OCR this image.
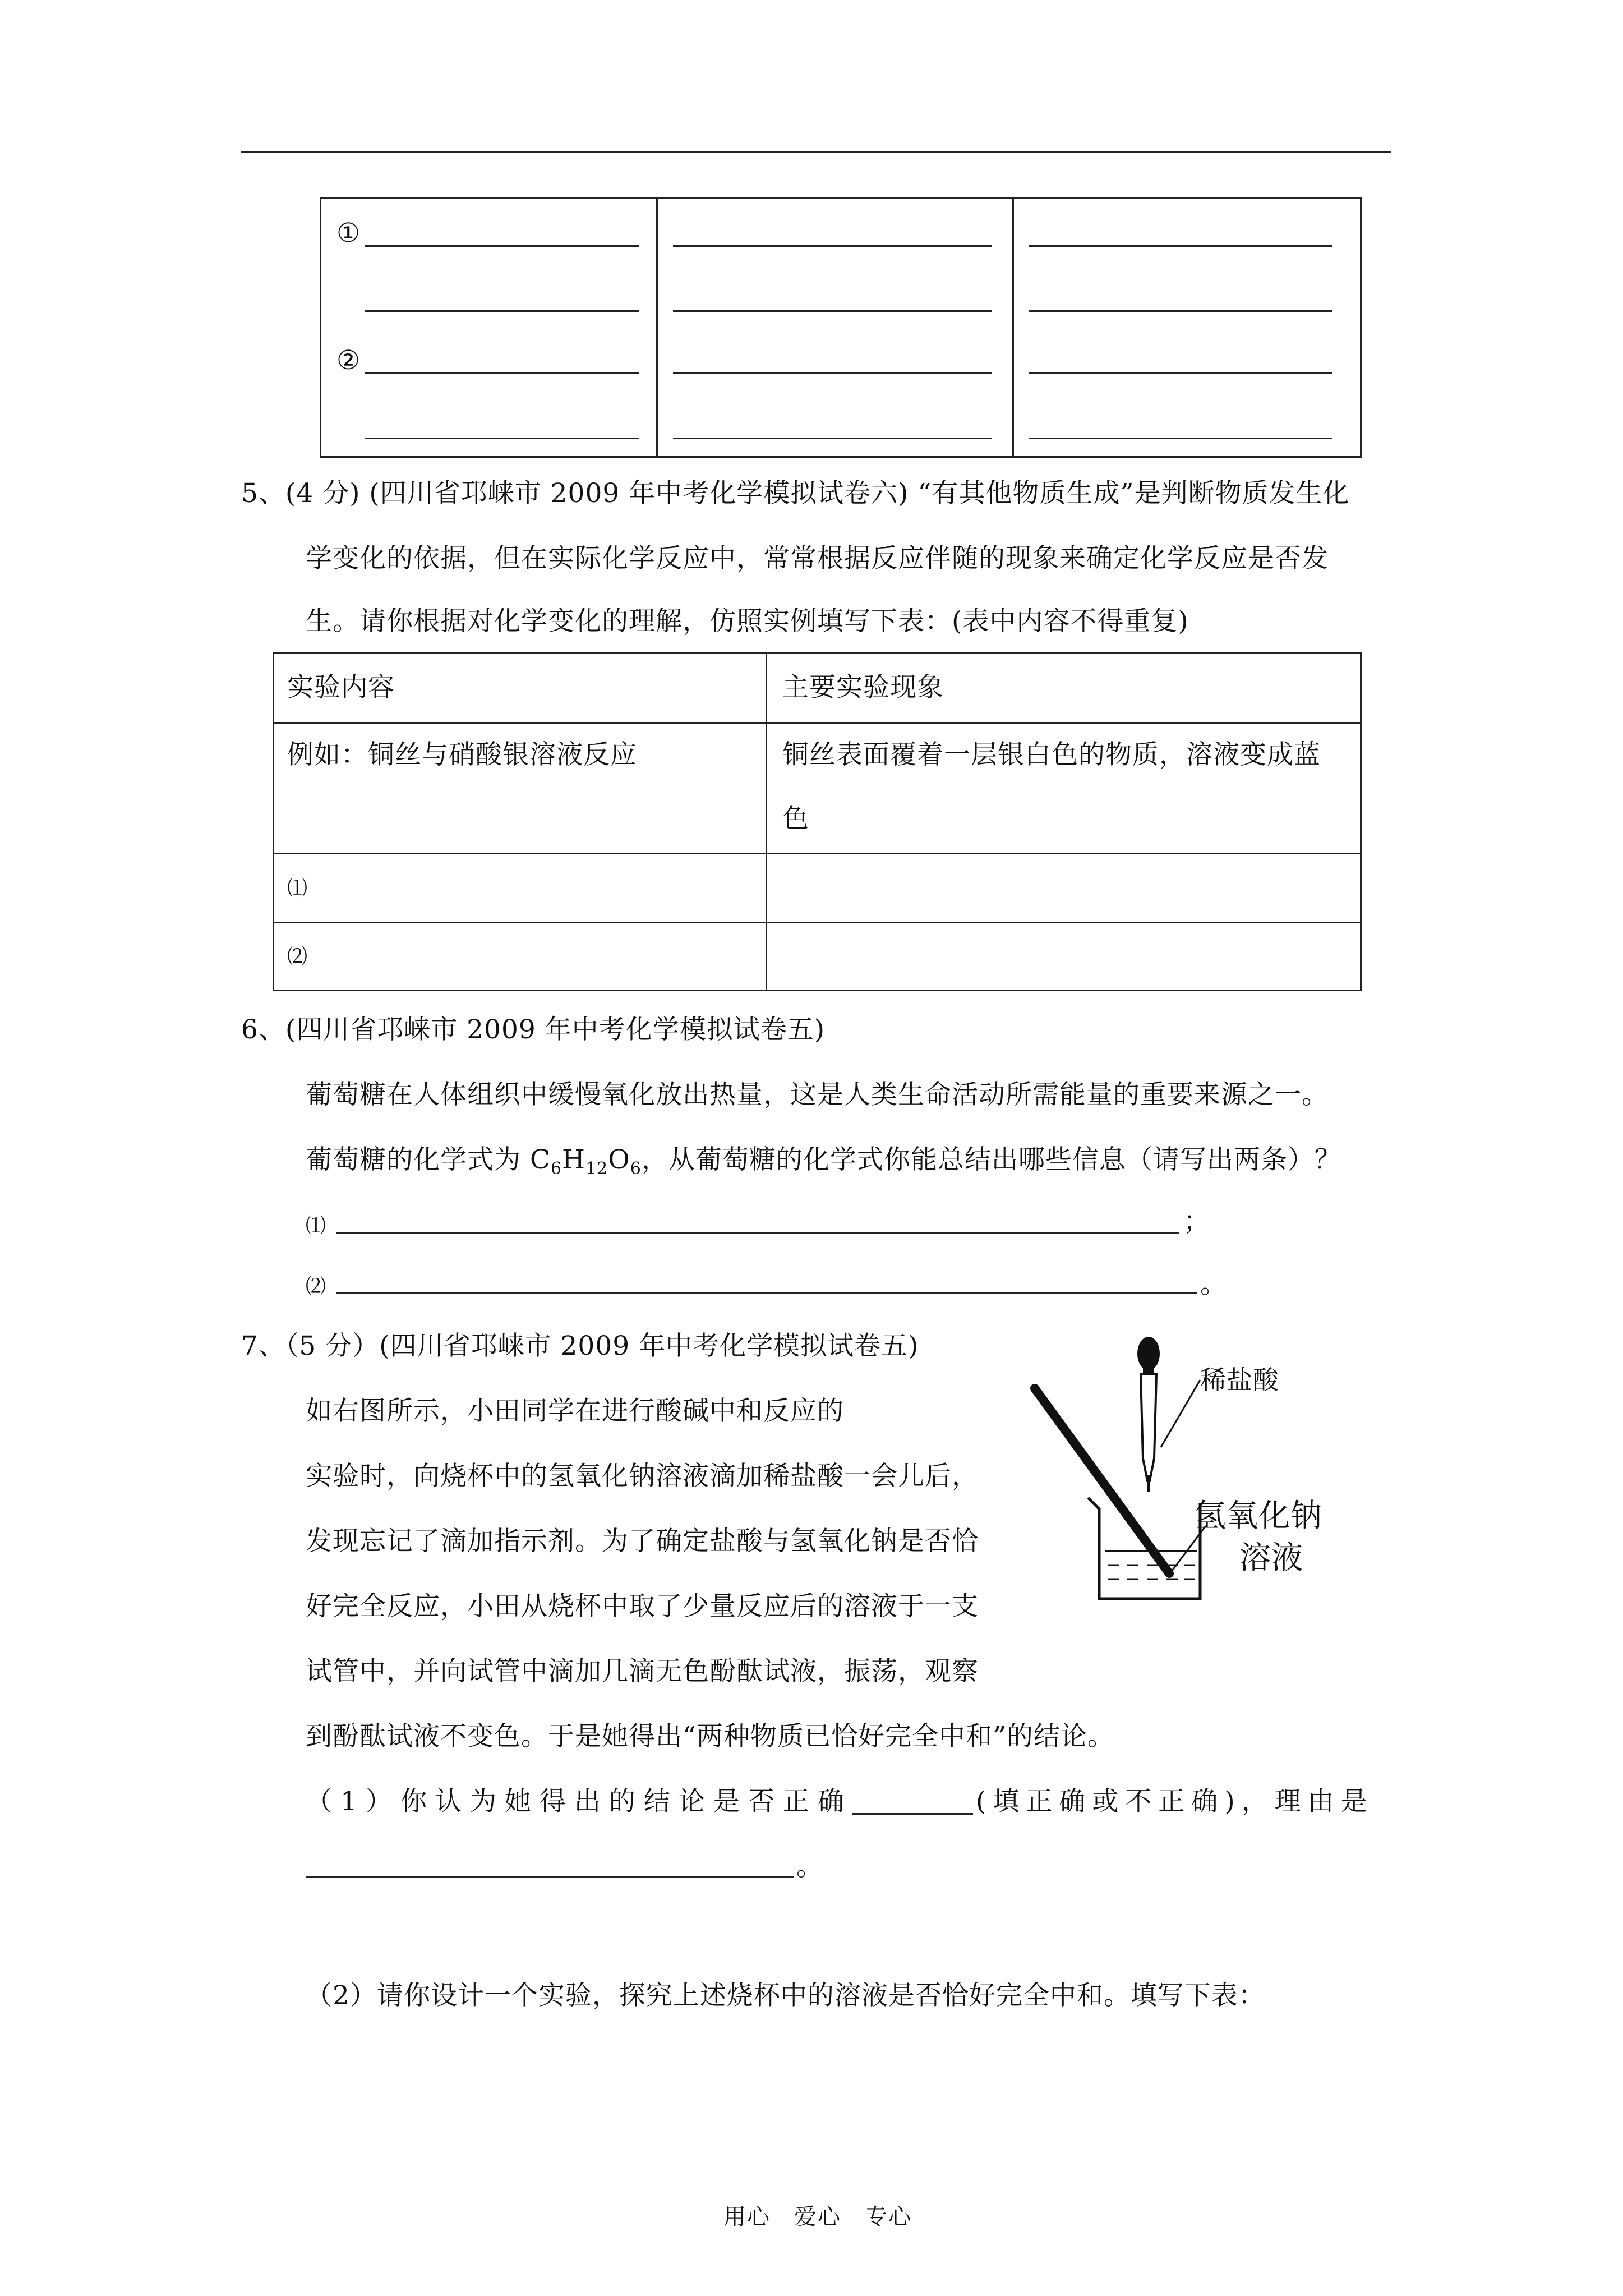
①
②
5、(4 分) (四川省邛崃市 2009 年中考化学模拟试卷六) “有其他物质生成”是判断物质发生化
学变化的依据，但在实际化学反应中，常常根据反应伴随的现象来确定化学反应是否发
生。请你根据对化学变化的理解，仿照实例填写下表：(表中内容不得重复)
实验内容	主要实验现象
例如：铜丝与硝酸银溶液反应	铜丝表面覆着一层银白色的物质，溶液变成蓝
色
⑴
⑵
6、(四川省邛崃市 2009 年中考化学模拟试卷五)
葡萄糖在人体组织中缓慢氧化放出热量，这是人类生命活动所需能量的重要来源之一。
葡萄糖的化学式为 $C_6H_{12}O_6$，从葡萄糖的化学式你能总结出哪些信息（请写出两条）？
⑴	；
⑵	。
7、（5 分）(四川省邛崃市 2009 年中考化学模拟试卷五)
如右图所示，小田同学在进行酸碱中和反应的
实验时，向烧杯中的氢氧化钠溶液滴加稀盐酸一会儿后，
发现忘记了滴加指示剂。为了确定盐酸与氢氧化钠是否恰
好完全反应，小田从烧杯中取了少量反应后的溶液于一支
试管中，并向试管中滴加几滴无色酚酞试液，振荡，观察
到酚酞试液不变色。于是她得出“两种物质已恰好完全中和”的结论。
（1）你认为她得出的结论是否正确	(填正确或不正确)，理由是
。
（2）请你设计一个实验，探究上述烧杯中的溶液是否恰好完全中和。填写下表：
稀盐酸
氢氧化钠
溶液
用心　爱心　专心
